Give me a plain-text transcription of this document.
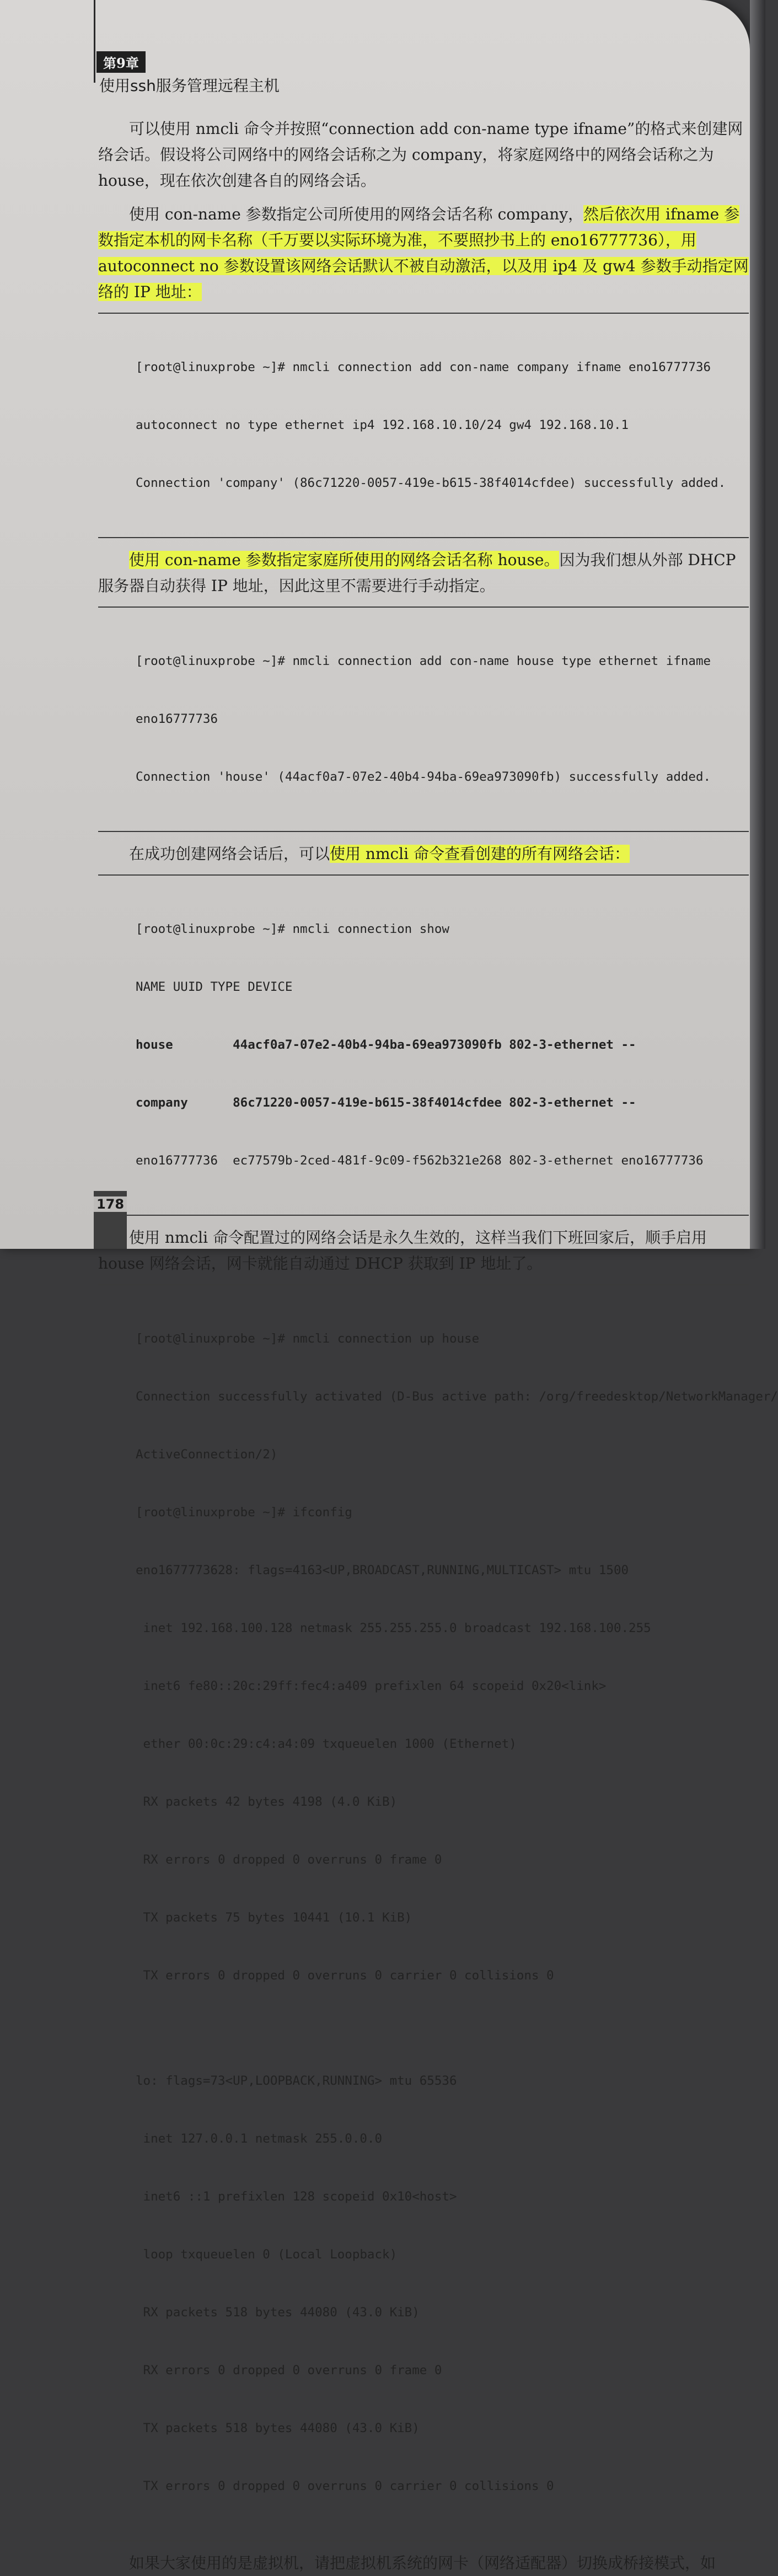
第9章
使用ssh服务管理远程主机

可以使用 nmcli 命令并按照“connection add con-name type ifname”的格式来创建网络会话。假设将公司网络中的网络会话称之为 company，将家庭网络中的网络会话称之为 house，现在依次创建各自的网络会话。

使用 con-name 参数指定公司所使用的网络会话名称 company，然后依次用 ifname 参数指定本机的网卡名称（千万要以实际环境为准，不要照抄书上的 eno16777736），用 autoconnect no 参数设置该网络会话默认不被自动激活，以及用 ip4 及 gw4 参数手动指定网络的 IP 地址：

[root@linuxprobe ~]# nmcli connection add con-name company ifname eno16777736

autoconnect no type ethernet ip4 192.168.10.10/24 gw4 192.168.10.1

Connection 'company' (86c71220-0057-419e-b615-38f4014cfdee) successfully added.

使用 con-name 参数指定家庭所使用的网络会话名称 house。因为我们想从外部 DHCP 服务器自动获得 IP 地址，因此这里不需要进行手动指定。

[root@linuxprobe ~]# nmcli connection add con-name house type ethernet ifname

eno16777736

Connection 'house' (44acf0a7-07e2-40b4-94ba-69ea973090fb) successfully added.

在成功创建网络会话后，可以使用 nmcli 命令查看创建的所有网络会话：

[root@linuxprobe ~]# nmcli connection show

NAME UUID TYPE DEVICE

house        44acf0a7-07e2-40b4-94ba-69ea973090fb 802-3-ethernet --

company      86c71220-0057-419e-b615-38f4014cfdee 802-3-ethernet --

eno16777736  ec77579b-2ced-481f-9c09-f562b321e268 802-3-ethernet eno16777736

使用 nmcli 命令配置过的网络会话是永久生效的，这样当我们下班回家后，顺手启用 house 网络会话，网卡就能自动通过 DHCP 获取到 IP 地址了。

[root@linuxprobe ~]# nmcli connection up house

Connection successfully activated (D-Bus active path: /org/freedesktop/NetworkManager/

ActiveConnection/2)

[root@linuxprobe ~]# ifconfig

eno1677773628: flags=4163<UP,BROADCAST,RUNNING,MULTICAST> mtu 1500

inet 192.168.100.128 netmask 255.255.255.0 broadcast 192.168.100.255

inet6 fe80::20c:29ff:fec4:a409 prefixlen 64 scopeid 0x20<link>

ether 00:0c:29:c4:a4:09 txqueuelen 1000 (Ethernet)

RX packets 42 bytes 4198 (4.0 KiB)

RX errors 0 dropped 0 overruns 0 frame 0

TX packets 75 bytes 10441 (10.1 KiB)

TX errors 0 dropped 0 overruns 0 carrier 0 collisions 0

lo: flags=73<UP,LOOPBACK,RUNNING> mtu 65536

inet 127.0.0.1 netmask 255.0.0.0

inet6 ::1 prefixlen 128 scopeid 0x10<host>

loop txqueuelen 0 (Local Loopback)

RX packets 518 bytes 44080 (43.0 KiB)

RX errors 0 dropped 0 overruns 0 frame 0

TX packets 518 bytes 44080 (43.0 KiB)

TX errors 0 dropped 0 overruns 0 carrier 0 collisions 0

如果大家使用的是虚拟机，请把虚拟机系统的网卡（网络适配器）切换成桥接模式，如

178
